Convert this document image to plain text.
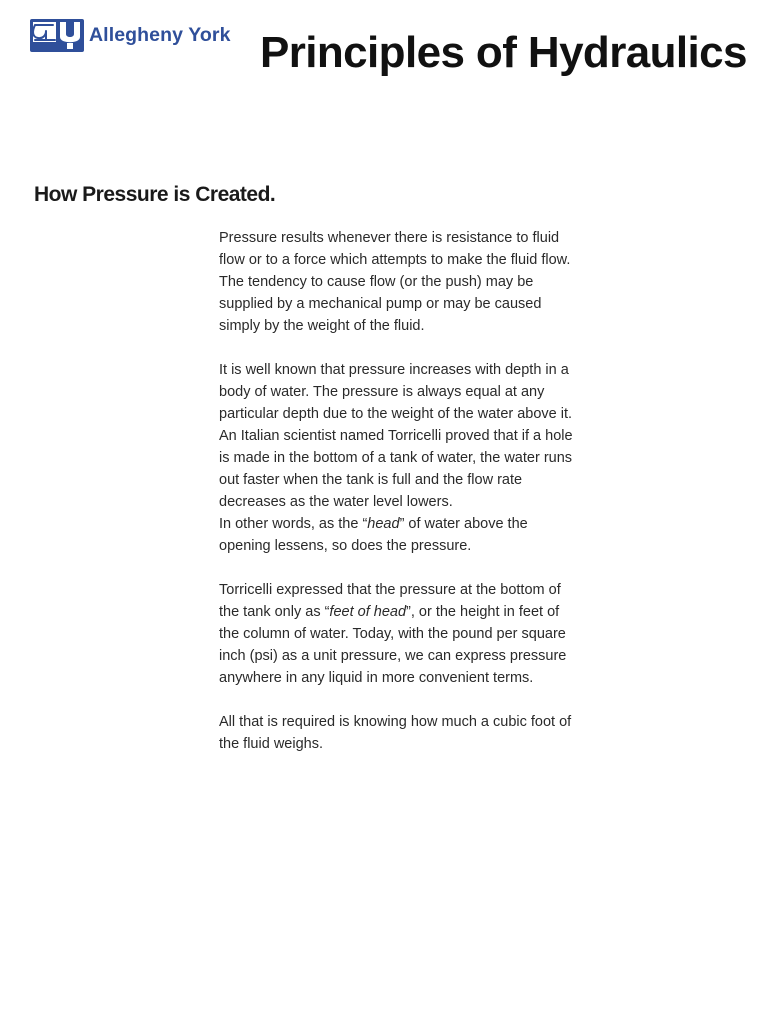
Allegheny York Principles of Hydraulics
How Pressure is Created.

Pressure results whenever there is resistance to fluid flow or to a force which attempts to make the fluid flow. The tendency to cause flow (or the push) may be supplied by a mechanical pump or may be caused simply by the weight of the fluid.

It is well known that pressure increases with depth in a body of water. The pressure is always equal at any particular depth due to the weight of the water above it. An Italian scientist named Torricelli proved that if a hole is made in the bottom of a tank of water, the water runs out faster when the tank is full and the flow rate decreases as the water level lowers.

In other words, as the “head” of water above the opening lessens, so does the pressure.

Torricelli expressed that the pressure at the bottom of the tank only as “feet of head”, or the height in feet of the column of water. Today, with the pound per square inch (psi) as a unit pressure, we can express pressure anywhere in any liquid in more convenient terms.

All that is required is knowing how much a cubic foot of the fluid weighs.
